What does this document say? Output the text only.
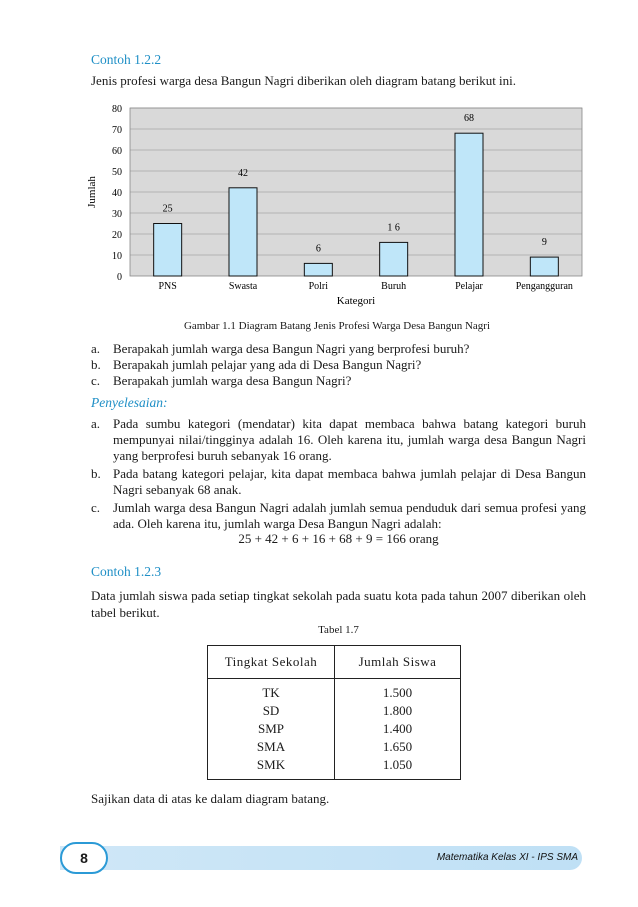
Contoh 1.2.2
Jenis profesi warga desa Bangun Nagri diberikan oleh diagram batang berikut ini.
0
10
20
30
40
50
60
70
80
25
42
6
1 6
68
9
PNS	Swasta	Polri	Buruh	Pelajar	Pengangguran
Kategori
Jumlah
Gambar 1.1 Diagram Batang Jenis Profesi Warga Desa Bangun Nagri
a. Berapakah jumlah warga desa Bangun Nagri yang berprofesi buruh?
b. Berapakah jumlah pelajar yang ada di Desa Bangun Nagri?
c. Berapakah jumlah warga desa Bangun Nagri?
Penyelesaian:
a. Pada sumbu kategori (mendatar) kita dapat membaca bahwa batang kategori buruh mempunyai nilai/tingginya adalah 16. Oleh karena itu, jumlah warga desa Bangun Nagri yang berprofesi buruh sebanyak 16 orang.
b. Pada batang kategori pelajar, kita dapat membaca bahwa jumlah pelajar di Desa Bangun Nagri sebanyak 68 anak.
c. Jumlah warga desa Bangun Nagri adalah jumlah semua penduduk dari semua profesi yang ada. Oleh karena itu, jumlah warga Desa Bangun Nagri adalah:
25 + 42 + 6 + 16 + 68 + 9 = 166 orang
Contoh 1.2.3
Data jumlah siswa pada setiap tingkat sekolah pada suatu kota pada tahun 2007 diberikan oleh tabel berikut.
Tabel 1.7
Tingkat Sekolah	Jumlah Siswa
TK	1.500
SD	1.800
SMP	1.400
SMA	1.650
SMK	1.050
Sajikan data di atas ke dalam diagram batang.
8	Matematika Kelas XI - IPS SMA
